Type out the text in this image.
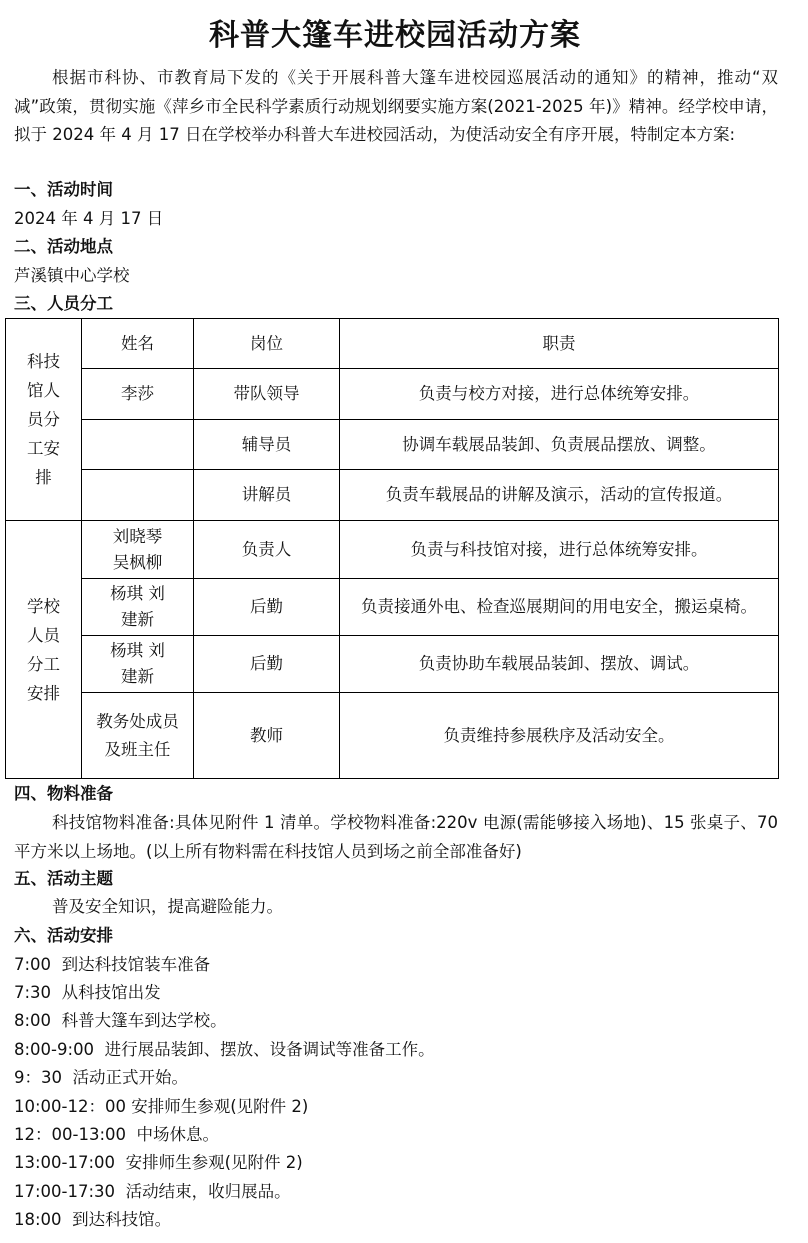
科普大篷车进校园活动方案
根据市科协、市教育局下发的《关于开展科普大篷车进校园巡展活动的通知》的精神，推动“双减”政策，贯彻实施《萍乡市全民科学素质行动规划纲要实施方案(2021-2025 年)》精神。经学校申请，拟于 2024 年 4 月 17 日在学校举办科普大车进校园活动，为使活动安全有序开展，特制定本方案:
一、活动时间
2024 年 4 月 17 日
二、活动地点
芦溪镇中心学校
三、人员分工
科技馆人员分工安排	姓名	岗位	职责
	李莎	带队领导	负责与校方对接，进行总体统筹安排。
		辅导员	协调车载展品装卸、负责展品摆放、调整。
		讲解员	负责车载展品的讲解及演示，活动的宣传报道。

学校人员分工安排	刘晓琴 吴枫柳	负责人	负责与科技馆对接，进行总体统筹安排。

	杨琪 刘建新	后勤	负责接通外电、检查巡展期间的用电安全，搬运桌椅。

	杨琪 刘建新	后勤	负责协助车载展品装卸、摆放、调试。

	教务处成员及班主任	教师	负责维持参展秩序及活动安全。
四、物料准备
科技馆物料准备:具体见附件 1 清单。学校物料准备:220v 电源(需能够接入场地)、15 张桌子、70 平方米以上场地。(以上所有物料需在科技馆人员到场之前全部准备好)
五、活动主题
普及安全知识，提高避险能力。
六、活动安排
7:00 到达科技馆装车准备
7:30 从科技馆出发
8:00 科普大篷车到达学校。
8:00-9:00 进行展品装卸、摆放、设备调试等准备工作。
9：30 活动正式开始。
10:00-12：00 安排师生参观(见附件 2)
12：00-13:00 中场休息。
13:00-17:00 安排师生参观(见附件 2)
17:00-17:30 活动结束，收归展品。
18:00 到达科技馆。
